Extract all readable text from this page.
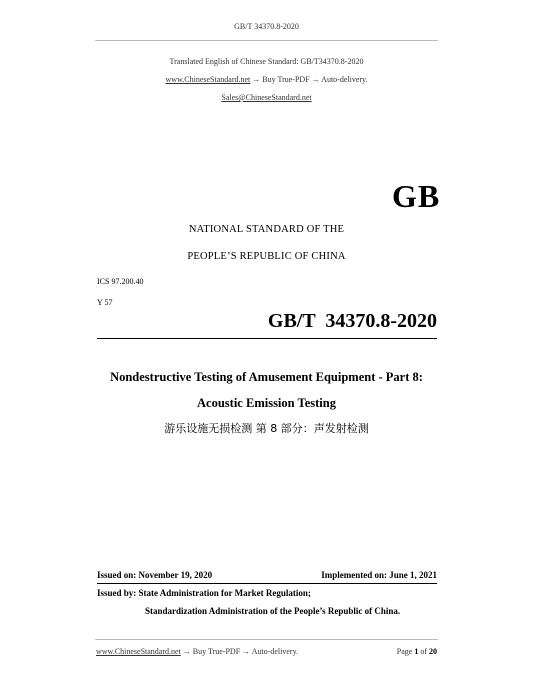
GB/T 34370.8-2020
Translated English of Chinese Standard: GB/T34370.8-2020
www.ChineseStandard.net → Buy True-PDF → Auto-delivery.
Sales@ChineseStandard.net
GB
NATIONAL STANDARD OF THE
PEOPLE’S REPUBLIC OF CHINA
ICS 97.200.40
Y 57
GB/T  34370.8-2020
Nondestructive Testing of Amusement Equipment - Part 8:
Acoustic Emission Testing
游乐设施无损检测 第 8 部分：声发射检测
Issued on: November 19, 2020	Implemented on: June 1, 2021
Issued by: State Administration for Market Regulation;
Standardization Administration of the People’s Republic of China.
www.ChineseStandard.net → Buy True-PDF → Auto-delivery.	Page 1 of 20
